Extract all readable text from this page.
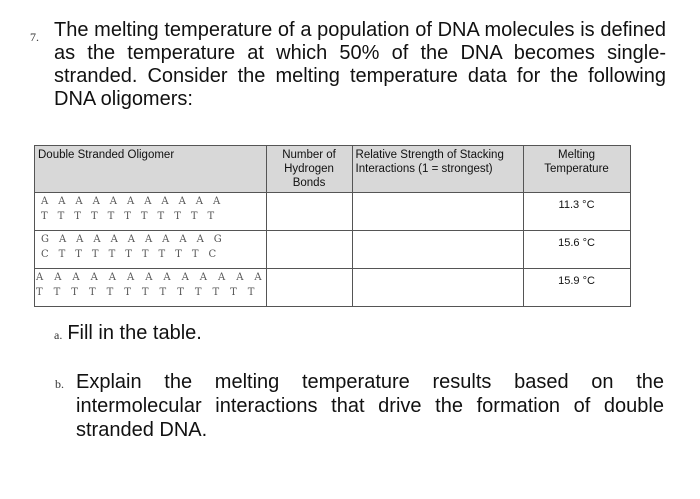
7. The melting temperature of a population of DNA molecules is defined as the temperature at which 50% of the DNA becomes single-stranded. Consider the melting temperature data for the following DNA oligomers:
Double Stranded Oligomer	Number of Hydrogen Bonds	Relative Strength of Stacking Interactions (1 = strongest)	Melting Temperature

A A A A A A A A A A A
T T T T T T T T T T T			11.3 °C

G A A A A A A A A A G
C T T T T T T T T T C			15.6 °C

A A A A A A A A A A A A A
T T T T T T T T T T T T T			15.9 °C
a. Fill in the table.
b. Explain the melting temperature results based on the intermolecular interactions that drive the formation of double stranded DNA.
